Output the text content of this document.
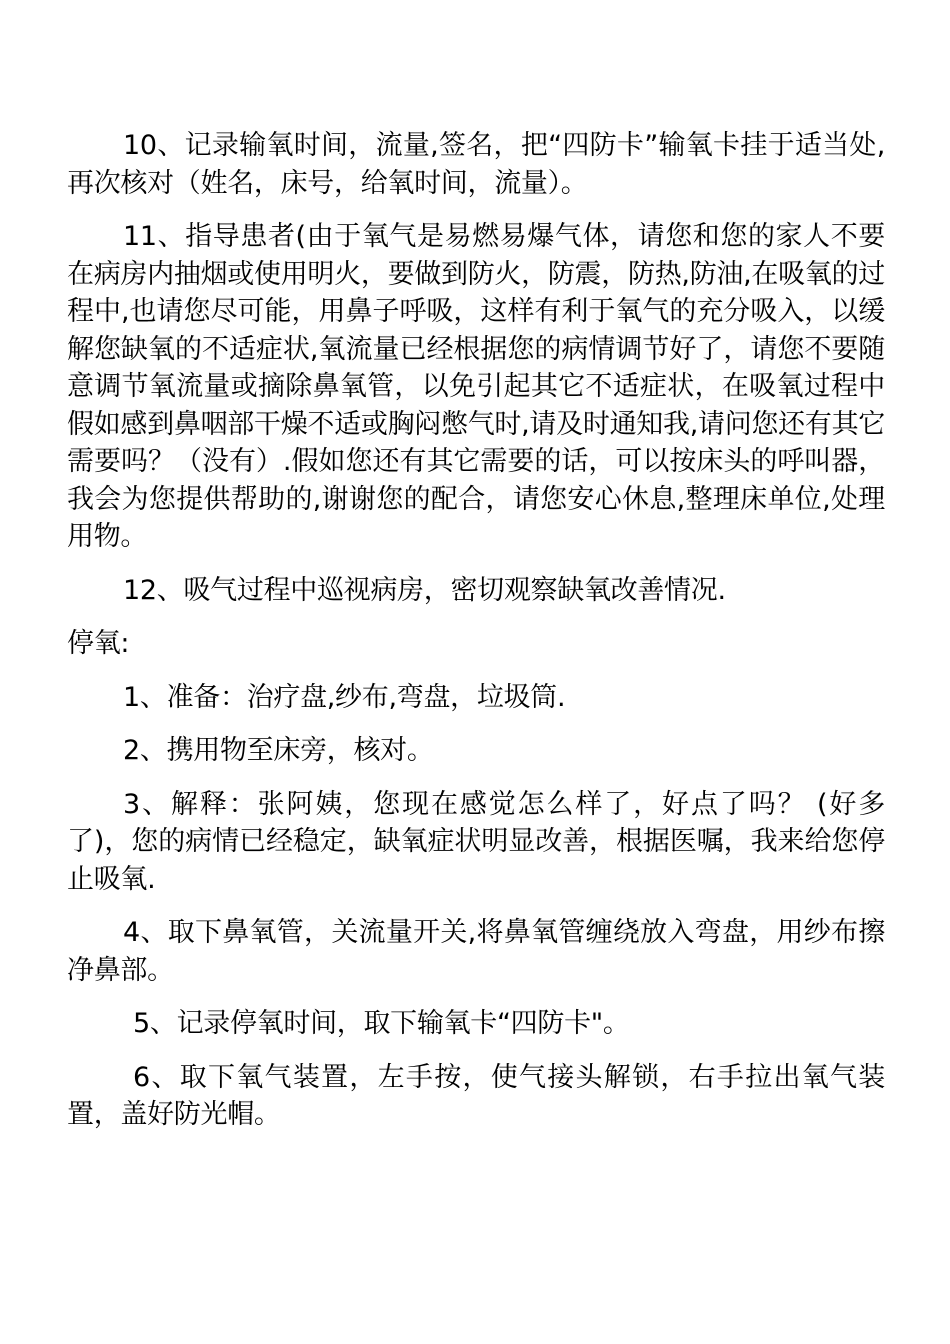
10、记录输氧时间，流量,签名，把“四防卡”输氧卡挂于适当处,再次核对（姓名，床号，给氧时间，流量）。

11、指导患者(由于氧气是易燃易爆气体，请您和您的家人不要在病房内抽烟或使用明火，要做到防火，防震，防热,防油,在吸氧的过程中,也请您尽可能，用鼻子呼吸，这样有利于氧气的充分吸入，以缓解您缺氧的不适症状,氧流量已经根据您的病情调节好了，请您不要随意调节氧流量或摘除鼻氧管，以免引起其它不适症状，在吸氧过程中假如感到鼻咽部干燥不适或胸闷憋气时,请及时通知我,请问您还有其它需要吗？（没有）.假如您还有其它需要的话，可以按床头的呼叫器，我会为您提供帮助的,谢谢您的配合，请您安心休息,整理床单位,处理用物。

12、吸气过程中巡视病房，密切观察缺氧改善情况.

停氧:

1、准备：治疗盘,纱布,弯盘，垃圾筒.

2、携用物至床旁，核对。

3、解释：张阿姨，您现在感觉怎么样了，好点了吗？ (好多了)，您的病情已经稳定，缺氧症状明显改善，根据医嘱，我来给您停止吸氧.

4、取下鼻氧管，关流量开关,将鼻氧管缠绕放入弯盘，用纱布擦净鼻部。

5、记录停氧时间，取下输氧卡“四防卡"。

6、取下氧气装置，左手按，使气接头解锁，右手拉出氧气装置，盖好防光帽。
